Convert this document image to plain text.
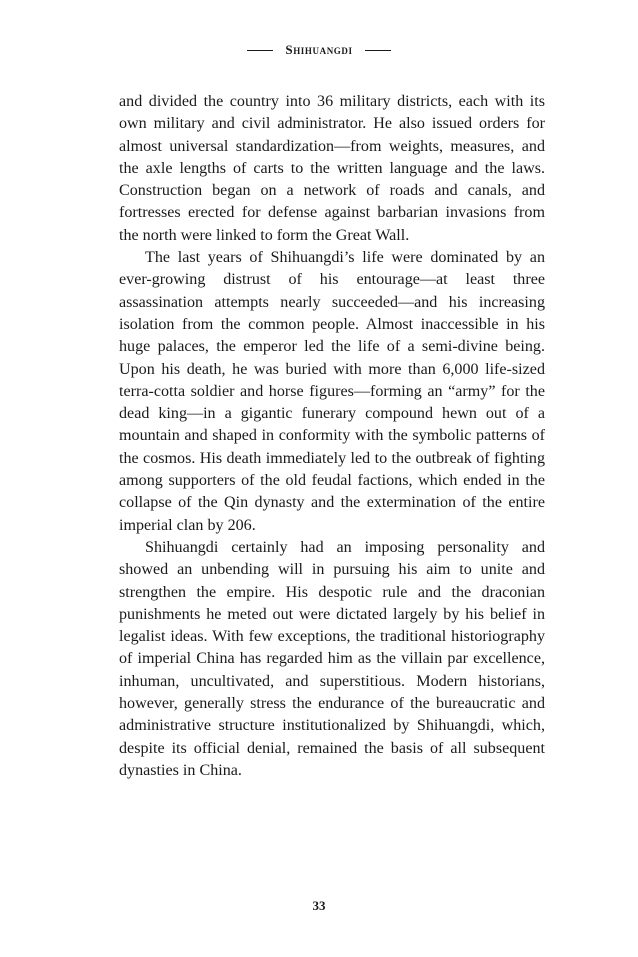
Shihuangdi

and divided the country into 36 military districts, each with its own military and civil administrator. He also issued orders for almost universal standardization—from weights, measures, and the axle lengths of carts to the written language and the laws. Construction began on a network of roads and canals, and fortresses erected for defense against barbarian invasions from the north were linked to form the Great Wall.

The last years of Shihuangdi’s life were dominated by an ever-growing distrust of his entourage—at least three assassination attempts nearly succeeded—and his increasing isolation from the common people. Almost inaccessible in his huge palaces, the emperor led the life of a semi-divine being. Upon his death, he was buried with more than 6,000 life-sized terra-cotta soldier and horse figures—forming an “army” for the dead king—in a gigantic funerary compound hewn out of a mountain and shaped in conformity with the symbolic patterns of the cosmos. His death immediately led to the outbreak of fighting among supporters of the old feudal factions, which ended in the collapse of the Qin dynasty and the extermination of the entire imperial clan by 206.

Shihuangdi certainly had an imposing personality and showed an unbending will in pursuing his aim to unite and strengthen the empire. His despotic rule and the draconian punishments he meted out were dictated largely by his belief in legalist ideas. With few exceptions, the traditional historiography of imperial China has regarded him as the villain par excellence, inhuman, uncultivated, and superstitious. Modern historians, however, generally stress the endurance of the bureaucratic and administrative structure institutionalized by Shihuangdi, which, despite its official denial, remained the basis of all subsequent dynasties in China.

33
